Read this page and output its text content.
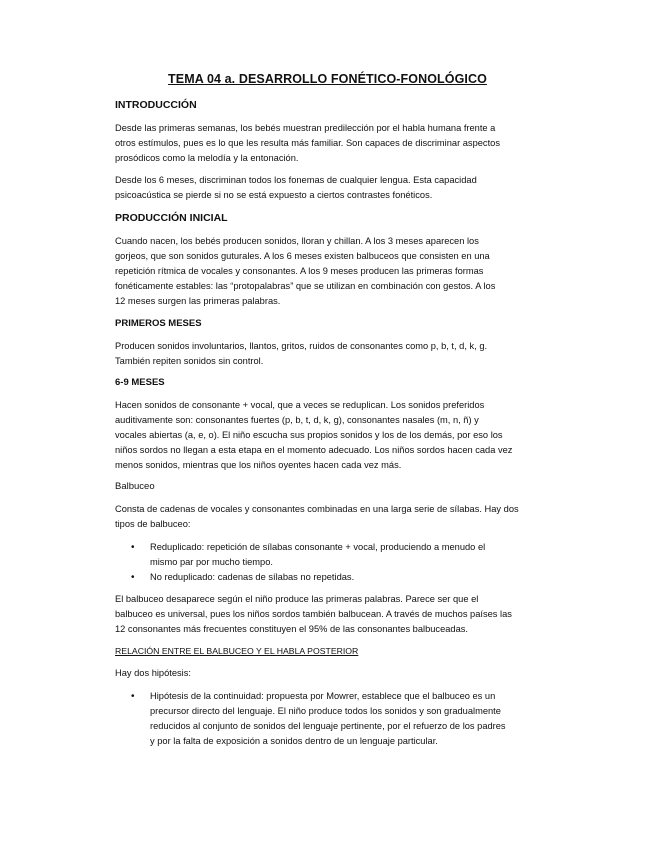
TEMA 04 a. DESARROLLO FONÉTICO-FONOLÓGICO
INTRODUCCIÓN
Desde las primeras semanas, los bebés muestran predilección por el habla humana frente a
otros estímulos, pues es lo que les resulta más familiar. Son capaces de discriminar aspectos
prosódicos como la melodía y la entonación.
Desde los 6 meses, discriminan todos los fonemas de cualquier lengua. Esta capacidad
psicoacústica se pierde si no se está expuesto a ciertos contrastes fonéticos.
PRODUCCIÓN INICIAL
Cuando nacen, los bebés producen sonidos, lloran y chillan. A los 3 meses aparecen los
gorjeos, que son sonidos guturales. A los 6 meses existen balbuceos que consisten en una
repetición rítmica de vocales y consonantes. A los 9 meses producen las primeras formas
fonéticamente estables: las “protopalabras” que se utilizan en combinación con gestos. A los
12 meses surgen las primeras palabras.
PRIMEROS MESES
Producen sonidos involuntarios, llantos, gritos, ruidos de consonantes como p, b, t, d, k, g.
También repiten sonidos sin control.
6-9 MESES
Hacen sonidos de consonante + vocal, que a veces se reduplican. Los sonidos preferidos
auditivamente son: consonantes fuertes (p, b, t, d, k, g), consonantes nasales (m, n, ñ) y
vocales abiertas (a, e, o). El niño escucha sus propios sonidos y los de los demás, por eso los
niños sordos no llegan a esta etapa en el momento adecuado. Los niños sordos hacen cada vez
menos sonidos, mientras que los niños oyentes hacen cada vez más.
Balbuceo
Consta de cadenas de vocales y consonantes combinadas en una larga serie de sílabas. Hay dos
tipos de balbuceo:
• Reduplicado: repetición de sílabas consonante + vocal, produciendo a menudo el
mismo par por mucho tiempo.
• No reduplicado: cadenas de sílabas no repetidas.
El balbuceo desaparece según el niño produce las primeras palabras. Parece ser que el
balbuceo es universal, pues los niños sordos también balbucean. A través de muchos países las
12 consonantes más frecuentes constituyen el 95% de las consonantes balbuceadas.
RELACIÓN ENTRE EL BALBUCEO Y EL HABLA POSTERIOR
Hay dos hipótesis:
• Hipótesis de la continuidad: propuesta por Mowrer, establece que el balbuceo es un
precursor directo del lenguaje. El niño produce todos los sonidos y son gradualmente
reducidos al conjunto de sonidos del lenguaje pertinente, por el refuerzo de los padres
y por la falta de exposición a sonidos dentro de un lenguaje particular.
